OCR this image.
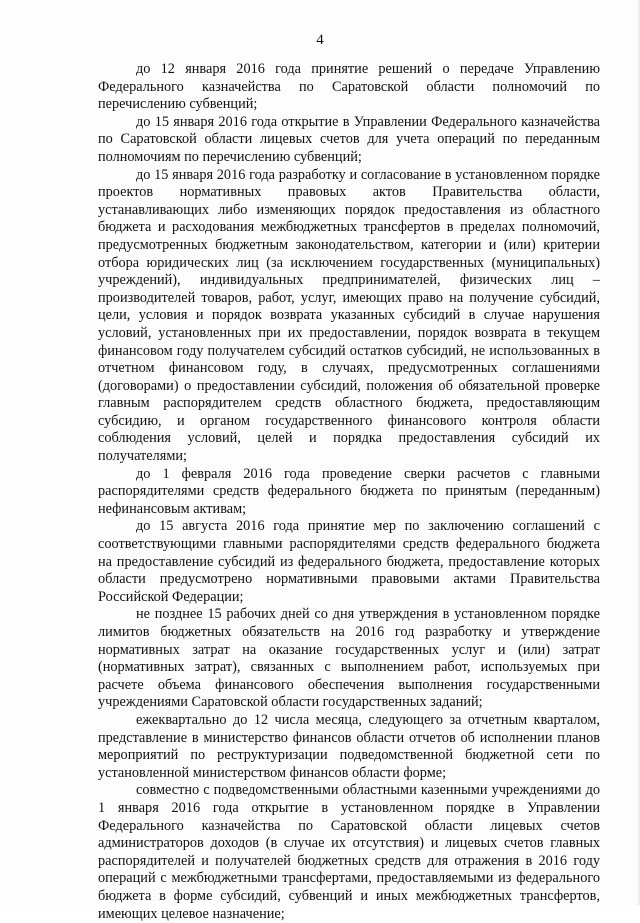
4

до 12 января 2016 года принятие решений о передаче Управлению Федерального казначейства по Саратовской области полномочий по перечислению субвенций;

до 15 января 2016 года открытие в Управлении Федерального казначейства по Саратовской области лицевых счетов для учета операций по переданным полномочиям по перечислению субвенций;

до 15 января 2016 года разработку и согласование в установленном порядке проектов нормативных правовых актов Правительства области, устанавливающих либо изменяющих порядок предоставления из областного бюджета и расходования межбюджетных трансфертов в пределах полномочий, предусмотренных бюджетным законодательством, категории и (или) критерии отбора юридических лиц (за исключением государственных (муниципальных) учреждений), индивидуальных предпринимателей, физических лиц – производителей товаров, работ, услуг, имеющих право на получение субсидий, цели, условия и порядок возврата указанных субсидий в случае нарушения условий, установленных при их предоставлении, порядок возврата в текущем финансовом году получателем субсидий остатков субсидий, не использованных в отчетном финансовом году, в случаях, предусмотренных соглашениями (договорами) о предоставлении субсидий, положения об обязательной проверке главным распорядителем средств областного бюджета, предоставляющим субсидию, и органом государственного финансового контроля области соблюдения условий, целей и порядка предоставления субсидий их получателями;

до 1 февраля 2016 года проведение сверки расчетов с главными распорядителями средств федерального бюджета по принятым (переданным) нефинансовым активам;

до 15 августа 2016 года принятие мер по заключению соглашений с соответствующими главными распорядителями средств федерального бюджета на предоставление субсидий из федерального бюджета, предоставление которых области предусмотрено нормативными правовыми актами Правительства Российской Федерации;

не позднее 15 рабочих дней со дня утверждения в установленном порядке лимитов бюджетных обязательств на 2016 год разработку и утверждение нормативных затрат на оказание государственных услуг и (или) затрат (нормативных затрат), связанных с выполнением работ, используемых при расчете объема финансового обеспечения выполнения государственными учреждениями Саратовской области государственных заданий;

ежеквартально до 12 числа месяца, следующего за отчетным кварталом, представление в министерство финансов области отчетов об исполнении планов мероприятий по реструктуризации подведомственной бюджетной сети по установленной министерством финансов области форме;

совместно с подведомственными областными казенными учреждениями до 1 января 2016 года открытие в установленном порядке в Управлении Федерального казначейства по Саратовской области лицевых счетов администраторов доходов (в случае их отсутствия) и лицевых счетов главных распорядителей и получателей бюджетных средств для отражения в 2016 году операций с межбюджетными трансфертами, предоставляемыми из федерального бюджета в форме субсидий, субвенций и иных межбюджетных трансфертов, имеющих целевое назначение;
